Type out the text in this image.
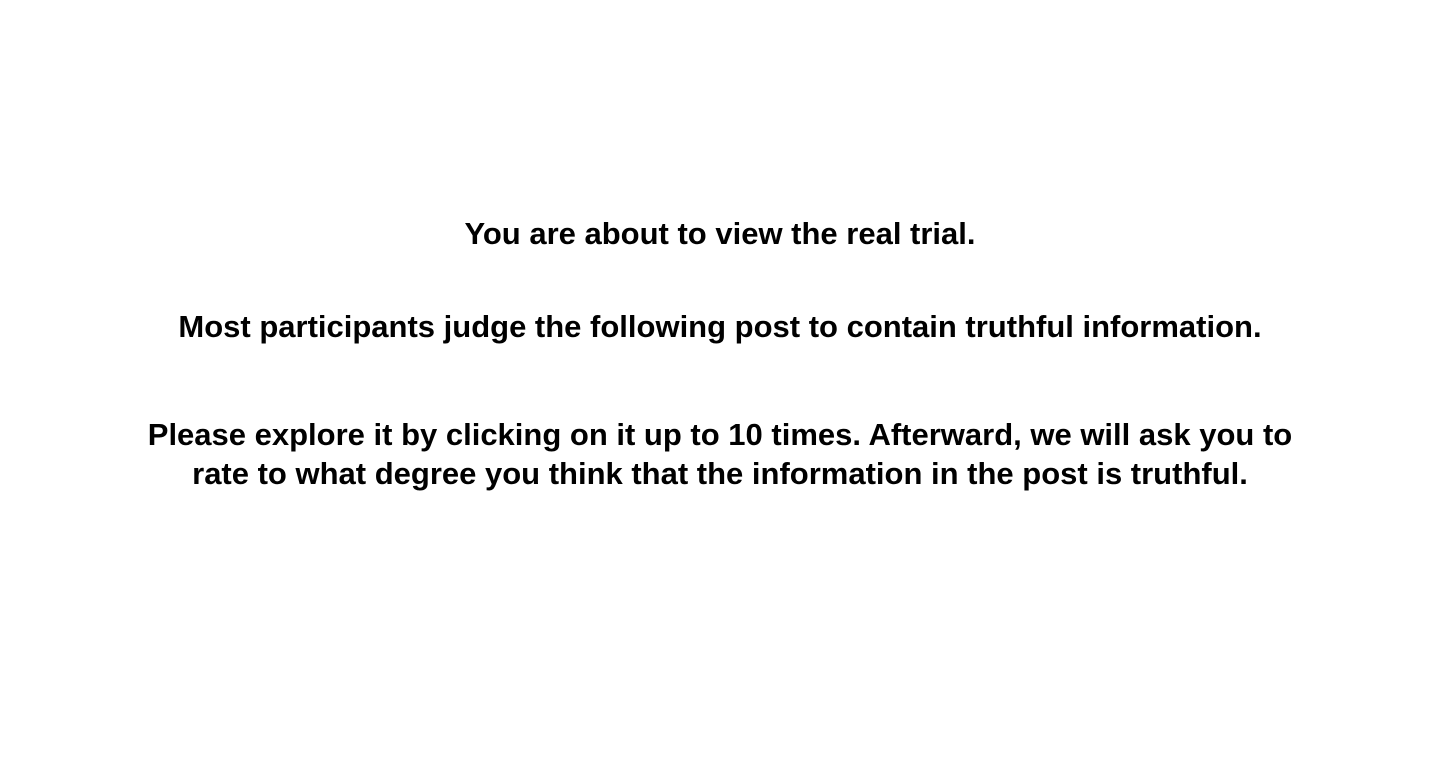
You are about to view the real trial.
Most participants judge the following post to contain truthful information.
Please explore it by clicking on it up to 10 times. Afterward, we will ask you to
rate to what degree you think that the information in the post is truthful.
